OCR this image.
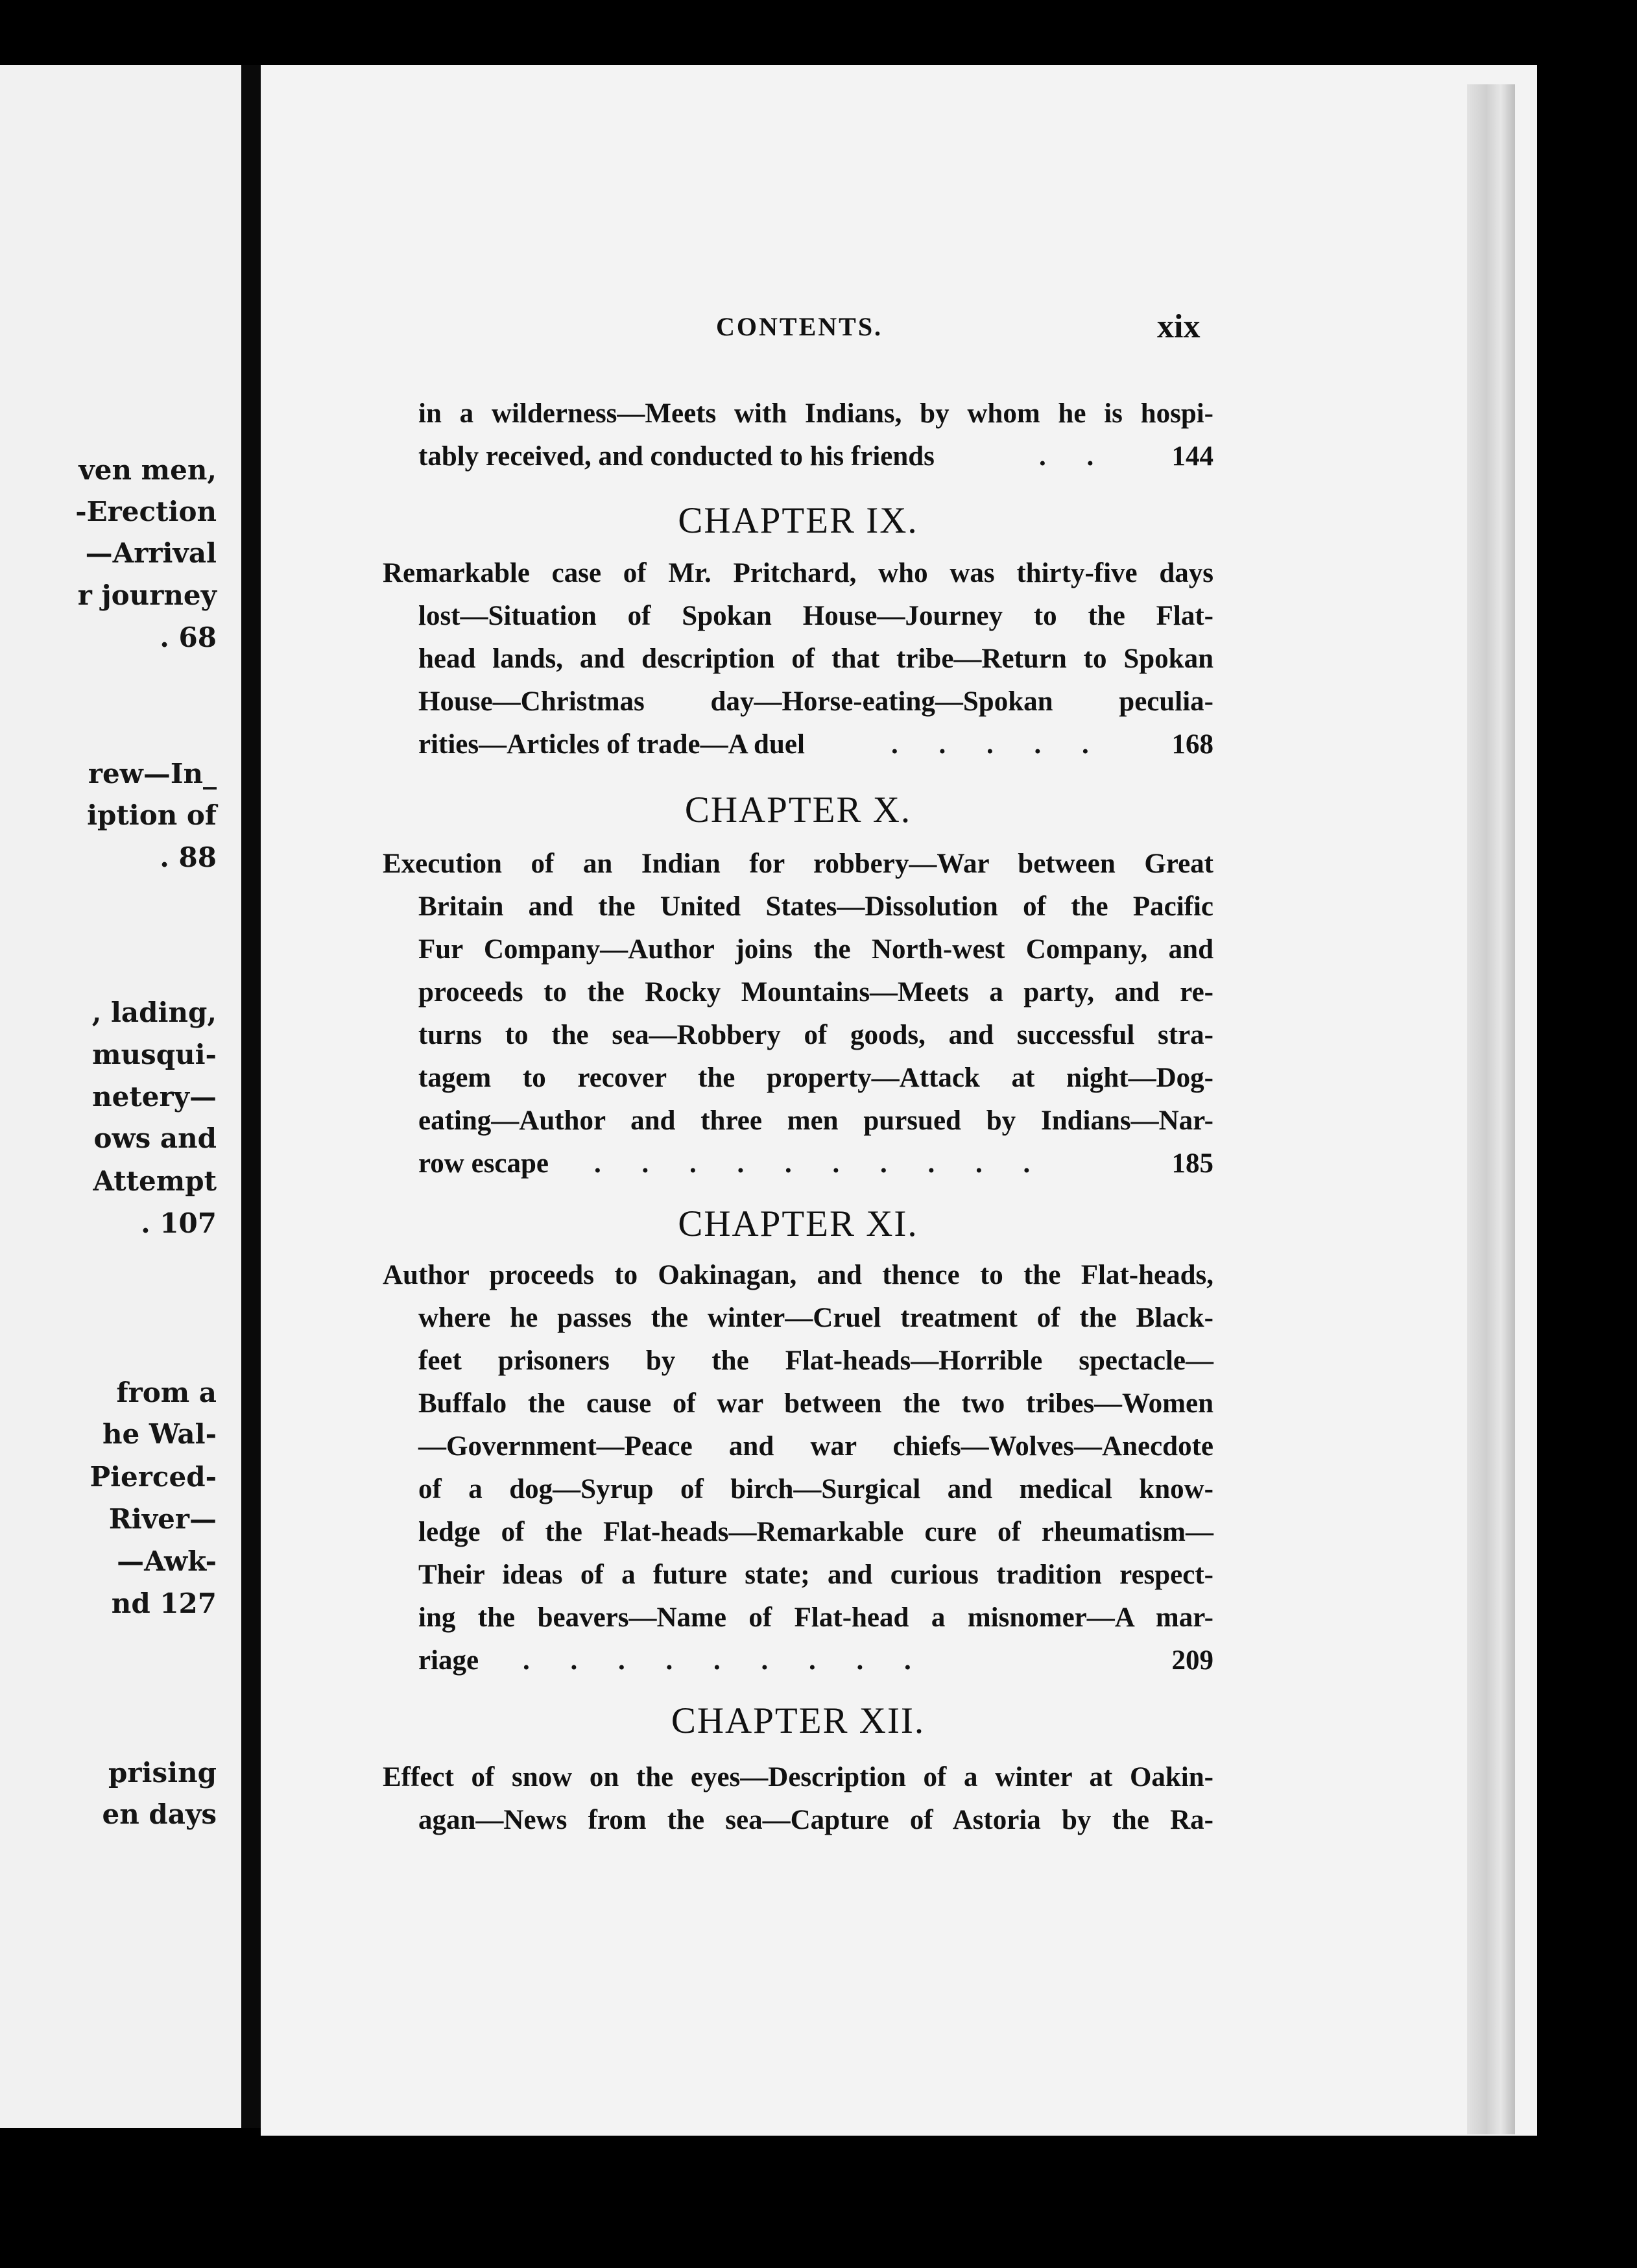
ven men,
-Erection
—Arrival
r journey
. 68
rew—In_
iption of
. 88
, lading,
musqui-
netery—
ows and
Attempt
. 107
from a
he Wal-
Pierced-
River—
—Awk-
nd 127
prising
en days
CONTENTS.	xix
in a wilderness—Meets with Indians, by whom he is hospi-
tably received, and conducted to his friends	. . 144
CHAPTER IX.
Remarkable case of Mr. Pritchard, who was thirty-five days
lost—Situation of Spokan House—Journey to the Flat-
head lands, and description of that tribe—Return to Spokan
House—Christmas day—Horse-eating—Spokan peculia-
rities—Articles of trade—A duel	. . . . . 168
CHAPTER X.
Execution of an Indian for robbery—War between Great
Britain and the United States—Dissolution of the Pacific
Fur Company—Author joins the North-west Company, and
proceeds to the Rocky Mountains—Meets a party, and re-
turns to the sea—Robbery of goods, and successful stra-
tagem to recover the property—Attack at night—Dog-
eating—Author and three men pursued by Indians—Nar-
row escape	. . . . . . . . . .	185
CHAPTER XI.
Author proceeds to Oakinagan, and thence to the Flat-heads,
where he passes the winter—Cruel treatment of the Black-
feet prisoners by the Flat-heads—Horrible spectacle—
Buffalo the cause of war between the two tribes—Women
—Government—Peace and war chiefs—Wolves—Anecdote
of a dog—Syrup of birch—Surgical and medical know-
ledge of the Flat-heads—Remarkable cure of rheumatism—
Their ideas of a future state; and curious tradition respect-
ing the beavers—Name of Flat-head a misnomer—A mar-
riage	. . . . . . . . .	209
CHAPTER XII.
Effect of snow on the eyes—Description of a winter at Oakin-
agan—News from the sea—Capture of Astoria by the Ra-
